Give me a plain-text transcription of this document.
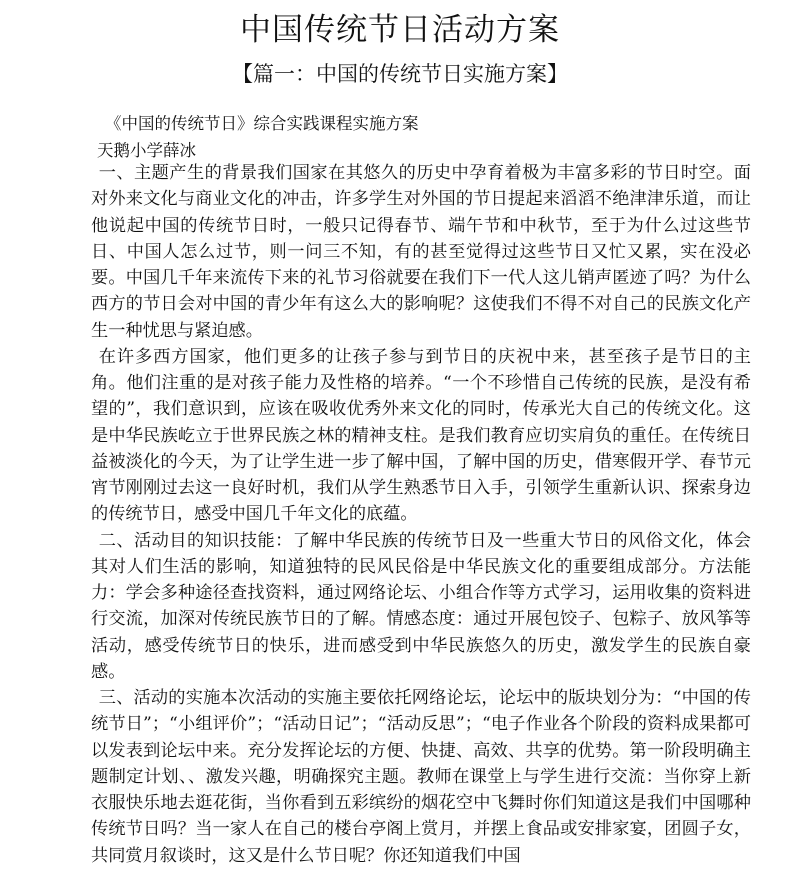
中国传统节日活动方案
【篇一：中国的传统节日实施方案】
《中国的传统节日》综合实践课程实施方案
天鹅小学薛冰

一、主题产生的背景我们国家在其悠久的历史中孕育着极为丰富多彩的节日时空。面对外来文化与商业文化的冲击，许多学生对外国的节日提起来滔滔不绝津津乐道，而让他说起中国的传统节日时，一般只记得春节、端午节和中秋节，至于为什么过这些节日、中国人怎么过节，则一问三不知，有的甚至觉得过这些节日又忙又累，实在没必要。中国几千年来流传下来的礼节习俗就要在我们下一代人这儿销声匿迹了吗？为什么西方的节日会对中国的青少年有这么大的影响呢？这使我们不得不对自己的民族文化产生一种忧思与紧迫感。

在许多西方国家，他们更多的让孩子参与到节日的庆祝中来，甚至孩子是节日的主角。他们注重的是对孩子能力及性格的培养。“一个不珍惜自己传统的民族，是没有希望的”，我们意识到，应该在吸收优秀外来文化的同时，传承光大自己的传统文化。这是中华民族屹立于世界民族之林的精神支柱。是我们教育应切实肩负的重任。在传统日益被淡化的今天，为了让学生进一步了解中国，了解中国的历史，借寒假开学、春节元宵节刚刚过去这一良好时机，我们从学生熟悉节日入手，引领学生重新认识、探索身边的传统节日，感受中国几千年文化的底蕴。

二、活动目的知识技能：了解中华民族的传统节日及一些重大节日的风俗文化，体会其对人们生活的影响，知道独特的民风民俗是中华民族文化的重要组成部分。方法能力：学会多种途径查找资料，通过网络论坛、小组合作等方式学习，运用收集的资料进行交流，加深对传统民族节日的了解。情感态度：通过开展包饺子、包粽子、放风筝等活动，感受传统节日的快乐，进而感受到中华民族悠久的历史，激发学生的民族自豪感。

三、活动的实施本次活动的实施主要依托网络论坛，论坛中的版块划分为：“中国的传统节日”；“小组评价”；“活动日记”；“活动反思”；“电子作业各个阶段的资料成果都可以发表到论坛中来。充分发挥论坛的方便、快捷、高效、共享的优势。第一阶段明确主题制定计划、、激发兴趣，明确探究主题。教师在课堂上与学生进行交流：当你穿上新衣服快乐地去逛花街，当你看到五彩缤纷的烟花空中飞舞时你们知道这是我们中国哪种传统节日吗？当一家人在自己的楼台亭阁上赏月，并摆上食品或安排家宴，团圆子女，共同赏月叙谈时，这又是什么节日呢？你还知道我们中国
